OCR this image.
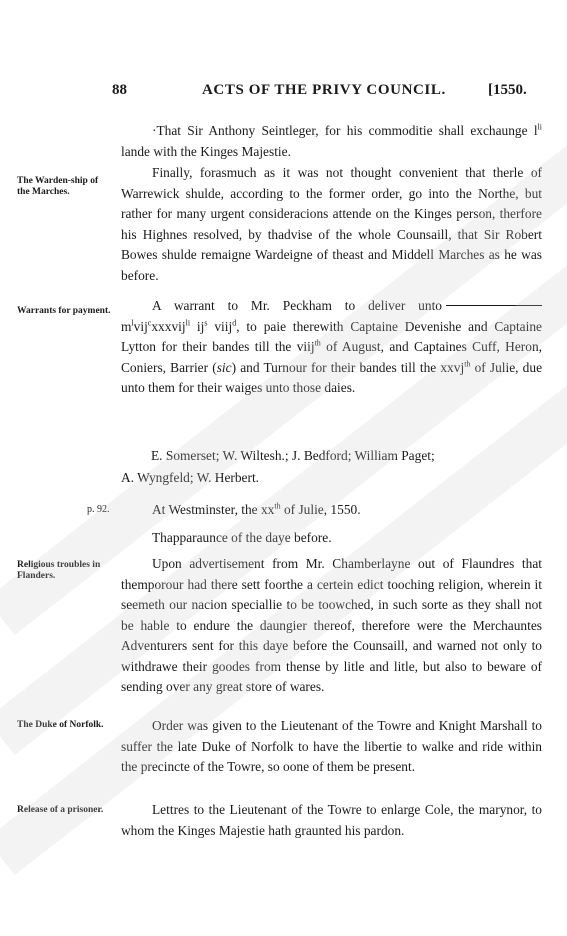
88	ACTS OF THE PRIVY COUNCIL.	[1550.

·That Sir Anthony Seintleger, for his commoditie shall exchaunge $l^{li}$ lande with the Kinges Majestie.

The Warden-ship of the Marches.

Finally, forasmuch as it was not thought convenient that therle of Warrewick shulde, according to the former order, go into the Northe, but rather for many urgent consideracions attende on the Kinges person, therfore his Highnes resolved, by thadvise of the whole Counsaill, that Sir Robert Bowes shulde remaigne Wardeigne of theast and Middell Marches as he was before.

Warrants for payment.	A warrant to Mr. Peckham to deliver unto $m^lvij^cxxxvij^{li}$ $ij^s$ viij$^d$, to paie therewith Captaine Devenishe and Captaine Lytton for their bandes till the viij$^{th}$ of August, and Captaines Cuff, Heron, Coniers, Barrier (sic) and Turnour for their bandes till the xxvj$^{th}$ of Julie, due unto them for their waiges unto those daies.

E. Somerset; W. Wiltesh.; J. Bedford; William Paget;
A. Wyngfeld; W. Herbert.
p. 92.	At Westminster, the $xx^{th}$ of Julie, 1550.
Thapparaunce of the daye before.
Religious troubles in Flanders.

Upon advertisement from Mr. Chamberlayne out of Flaundres that themporour had there sett foorthe a certein edict tooching religion, wherein it seemeth our nacion speciallie to be toowched, in such sorte as they shall not be hable to endure the daungier thereof, therefore were the Merchauntes Adventurers sent for this daye before the Counsaill, and warned not only to withdrawe their goodes from thense by litle and litle, but also to beware of sending over any great store of wares.

The Duke of Norfolk.	Order was given to the Lieutenant of the Towre and Knight Marshall to suffer the late Duke of Norfolk to have the libertie to walke and ride within the precincte of the Towre, so oone of them be present.

Release of a prisoner.	Lettres to the Lieutenant of the Towre to enlarge Cole, the marynor, to whom the Kinges Majestie hath graunted his pardon.
